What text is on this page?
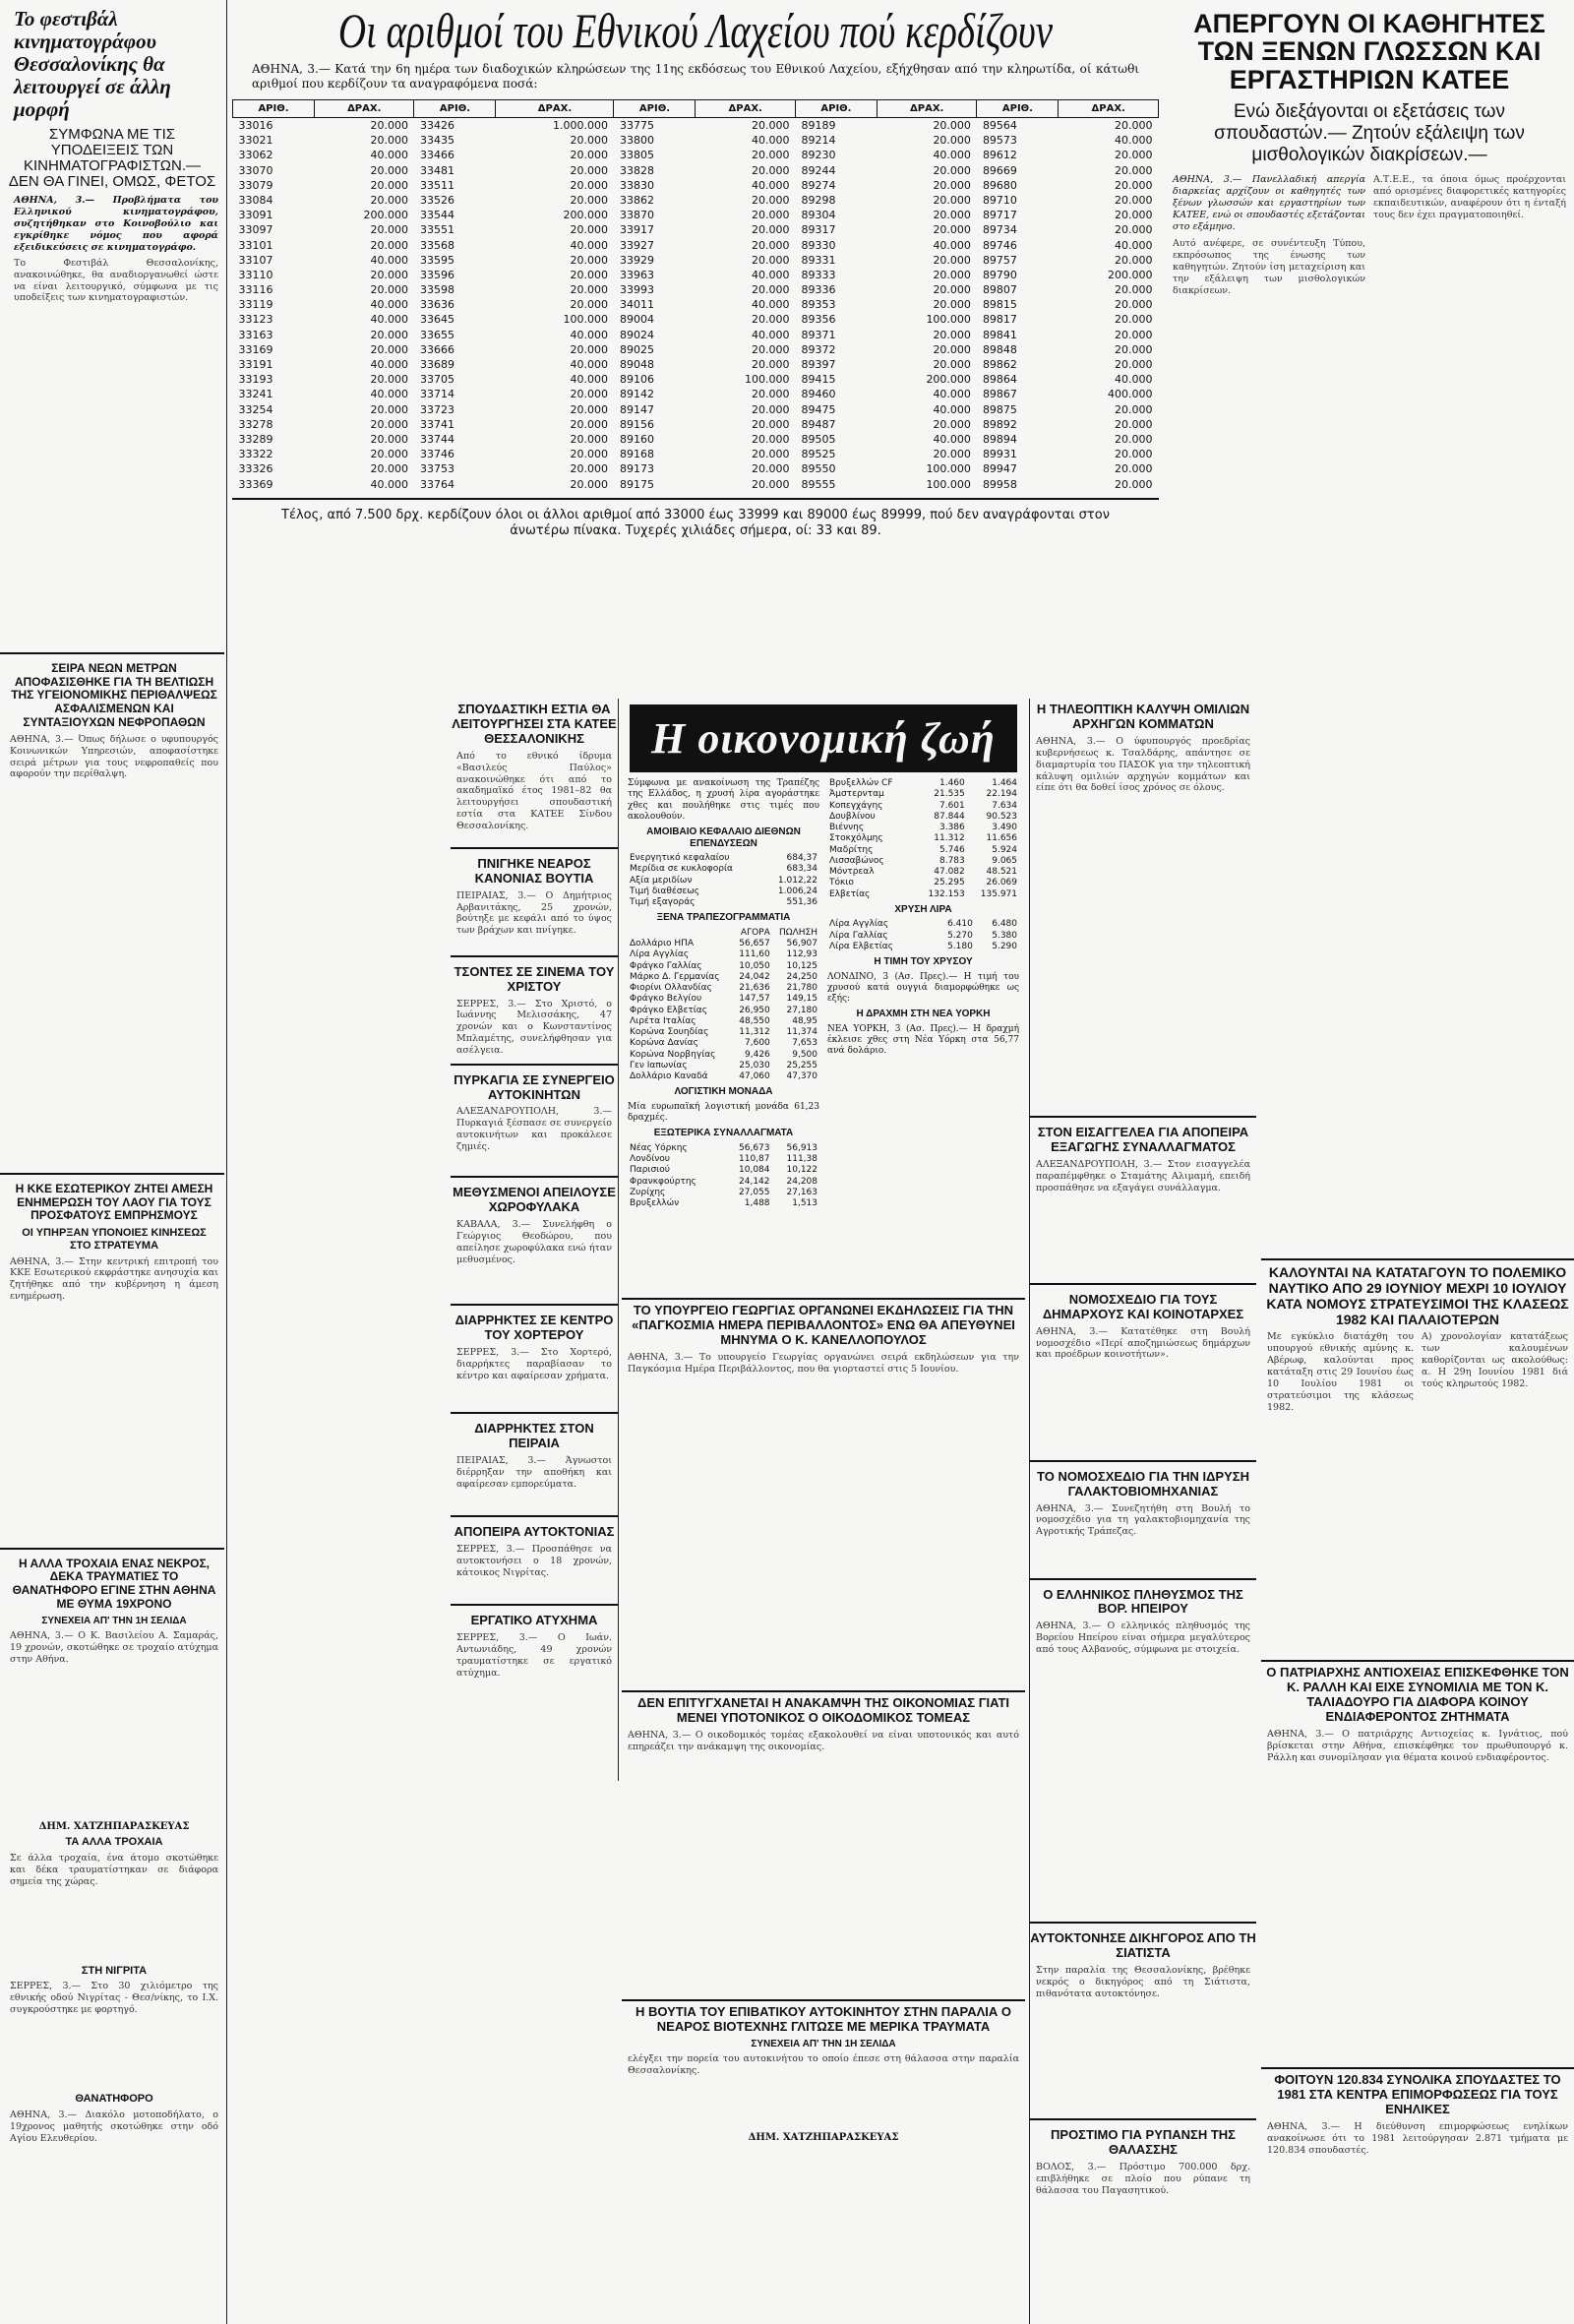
Το φεστιβάλ κινηματογράφου Θεσσαλονίκης θα λειτουργεί σε άλλη μορφή
ΣΥΜΦΩΝΑ ΜΕ ΤΙΣ ΥΠΟΔΕΙΞΕΙΣ ΤΩΝ ΚΙΝΗΜΑΤΟΓΡΑΦΙΣΤΩΝ.— ΔΕΝ ΘΑ ΓΙΝΕΙ, ΟΜΩΣ, ΦΕΤΟΣ

ΑΘΗΝΑ, 3.— Προβλήματα του Ελληνικού κινηματογράφου, συζητήθηκαν στο Κοινοβούλιο και εγκρίθηκε νόμος που αφορά εξειδικεύσεις σε κινηματογράφο.

Το Φεστιβάλ Θεσσαλονίκης, ανακοινώθηκε, θα αναδιοργανωθεί ώστε να είναι λειτουργικό, σύμφωνα με τις υποδείξεις των κινηματογραφιστών.

ΣΕΙΡΑ ΝΕΩΝ ΜΕΤΡΩΝ ΑΠΟΦΑΣΙΣΘΗΚΕ ΓΙΑ ΤΗ ΒΕΛΤΙΩΣΗ ΤΗΣ ΥΓΕΙΟΝΟΜΙΚΗΣ ΠΕΡΙΘΑΛΨΕΩΣ ΑΣΦΑΛΙΣΜΕΝΩΝ ΚΑΙ ΣΥΝΤΑΞΙΟΥΧΩΝ ΝΕΦΡΟΠΑΘΩΝ

ΑΘΗΝΑ, 3.— Όπως δήλωσε ο υφυπουργός Κοινωνικών Υπηρεσιών, αποφασίστηκε σειρά μέτρων για τους νεφροπαθείς που αφορούν την περίθαλψη.

Η ΚΚΕ ΕΣΩΤΕΡΙΚΟΥ ΖΗΤΕΙ ΑΜΕΣΗ ΕΝΗΜΕΡΩΣΗ ΤΟΥ ΛΑΟΥ ΓΙΑ ΤΟΥΣ ΠΡΟΣΦΑΤΟΥΣ ΕΜΠΡΗΣΜΟΥΣ
ΟΙ ΥΠΗΡΞΑΝ ΥΠΟΝΟΙΕΣ ΚΙΝΗΣΕΩΣ ΣΤΟ ΣΤΡΑΤΕΥΜΑ

ΑΘΗΝΑ, 3.— Στην κεντρική επιτροπή του ΚΚΕ Εσωτερικού εκφράστηκε ανησυχία και ζητήθηκε από την κυβέρνηση η άμεση ενημέρωση.

Η ΑΛΛΑ ΤΡΟΧΑΙΑ ΕΝΑΣ ΝΕΚΡΟΣ, ΔΕΚΑ ΤΡΑΥΜΑΤΙΕΣ ΤΟ ΘΑΝΑΤΗΦΟΡΟ ΕΓΙΝΕ ΣΤΗΝ ΑΘΗΝΑ ΜΕ ΘΥΜΑ 19ΧΡΟΝΟ
ΣΥΝΕΧΕΙΑ ΑΠ' ΤΗΝ 1Η ΣΕΛΙΔΑ

ΑΘΗΝΑ, 3.— Ο Κ. Βασιλείου Α. Σαμαράς, 19 χρονών, σκοτώθηκε σε τροχαίο ατύχημα στην Αθήνα.

ΔΗΜ. ΧΑΤΖΗΠΑΡΑΣΚΕΥΑΣ
ΤΑ ΑΛΛΑ ΤΡΟΧΑΙΑ

Σε άλλα τροχαία, ένα άτομο σκοτώθηκε και δέκα τραυματίστηκαν σε διάφορα σημεία της χώρας.

ΣΤΗ ΝΙΓΡΙΤΑ

ΣΕΡΡΕΣ, 3.— Στο 30 χιλιόμετρο της εθνικής οδού Νιγρίτας - Θεσ/νίκης, το Ι.Χ. συγκρούστηκε με φορτηγό.

ΘΑΝΑΤΗΦΟΡΟ

ΑΘΗΝΑ, 3.— Διακόλο μοτοποδήλατο, ο 19χρονος μαθητής σκοτώθηκε στην οδό Αγίου Ελευθερίου.

Οι αριθμοί του Εθνικού Λαχείου πού κερδίζουν

ΑΘΗΝΑ, 3.— Κατά την 6η ημέρα των διαδοχικών κληρώσεων της 11ης εκδόσεως του Εθνικού Λαχείου, εξήχθησαν από την κληρωτίδα, οί κάτωθι αριθμοί που κερδίζουν τα αναγραφόμενα ποσά:

ΑΡΙΘ.	ΔΡΑΧ.	ΑΡΙΘ.	ΔΡΑΧ.	ΑΡΙΘ.	ΔΡΑΧ.	ΑΡΙΘ.	ΔΡΑΧ.	ΑΡΙΘ.	ΔΡΑΧ.
33016	20.000	33426	1.000.000	33775	20.000	89189	20.000	89564	20.000
33021	20.000	33435	20.000	33800	40.000	89214	20.000	89573	40.000
33062	40.000	33466	20.000	33805	20.000	89230	40.000	89612	20.000
33070	20.000	33481	20.000	33828	20.000	89244	20.000	89669	20.000
33079	20.000	33511	20.000	33830	40.000	89274	20.000	89680	20.000
33084	20.000	33526	20.000	33862	20.000	89298	20.000	89710	20.000
33091	200.000	33544	200.000	33870	20.000	89304	20.000	89717	20.000
33097	20.000	33551	20.000	33917	20.000	89317	20.000	89734	20.000
33101	20.000	33568	40.000	33927	20.000	89330	40.000	89746	40.000
33107	40.000	33595	20.000	33929	20.000	89331	20.000	89757	20.000
33110	20.000	33596	20.000	33963	40.000	89333	20.000	89790	200.000
33116	20.000	33598	20.000	33993	20.000	89336	20.000	89807	20.000
33119	40.000	33636	20.000	34011	40.000	89353	20.000	89815	20.000
33123	40.000	33645	100.000	89004	20.000	89356	100.000	89817	20.000
33163	20.000	33655	40.000	89024	40.000	89371	20.000	89841	20.000
33169	20.000	33666	20.000	89025	20.000	89372	20.000	89848	20.000
33191	40.000	33689	40.000	89048	20.000	89397	20.000	89862	20.000
33193	20.000	33705	40.000	89106	100.000	89415	200.000	89864	40.000
33241	40.000	33714	20.000	89142	20.000	89460	40.000	89867	400.000
33254	20.000	33723	20.000	89147	20.000	89475	40.000	89875	20.000
33278	20.000	33741	20.000	89156	20.000	89487	20.000	89892	20.000
33289	20.000	33744	20.000	89160	20.000	89505	40.000	89894	20.000
33322	20.000	33746	20.000	89168	20.000	89525	20.000	89931	20.000
33326	20.000	33753	20.000	89173	20.000	89550	100.000	89947	20.000
33369	40.000	33764	20.000	89175	20.000	89555	100.000	89958	20.000

Τέλος, από 7.500 δρχ. κερδίζουν όλοι οι άλλοι αριθμοί από 33000 έως 33999 και 89000 έως 89999, πού δεν αναγράφονται στον άνωτέρω πίνακα. Τυχερές χιλιάδες σήμερα, οί: 33 και 89.

ΑΠΕΡΓΟΥΝ ΟΙ ΚΑΘΗΓΗΤΕΣ ΤΩΝ ΞΕΝΩΝ ΓΛΩΣΣΩΝ ΚΑΙ ΕΡΓΑΣΤΗΡΙΩΝ ΚΑΤΕΕ
Ενώ διεξάγονται οι εξετάσεις των σπουδαστών.— Ζητούν εξάλειψη των μισθολογικών διακρίσεων.—

ΑΘΗΝΑ, 3.— Πανελλαδική απεργία διαρκείας αρχίζουν οι καθηγητές των ξένων γλωσσών και εργαστηρίων των ΚΑΤΕΕ, ενώ οι σπουδαστές εξετάζονται στο εξάμηνο.

Αυτό ανέφερε, σε συνέντευξη Τύπου, εκπρόσωπος της ένωσης των καθηγητών. Ζητούν ίση μεταχείριση και την εξάλειψη των μισθολογικών διακρίσεων.

Α.Τ.Ε.Ε., τα όποια όμως προέρχονται από ορισμένες διαφορετικές κατηγορίες εκπαιδευτικών, αναφέρουν ότι η ένταξή τους δεν έχει πραγματοποιηθεί.

ΣΠΟΥΔΑΣΤΙΚΗ ΕΣΤΙΑ ΘΑ ΛΕΙΤΟΥΡΓΗΣΕΙ ΣΤΑ ΚΑΤΕΕ ΘΕΣΣΑΛΟΝΙΚΗΣ

Από το εθνικό ίδρυμα «Βασιλεύς Παύλος» ανακοινώθηκε ότι από το ακαδημαϊκό έτος 1981–82 θα λειτουργήσει σπουδαστική εστία στα ΚΑΤΕΕ Σίνδου Θεσσαλονίκης.

ΠΝΙΓΗΚΕ ΝΕΑΡΟΣ ΚΑΝΟΝΙΑΣ ΒΟΥΤΙΑ

ΠΕΙΡΑΙΑΣ, 3.— Ο Δημήτριος Αρβανιτάκης, 25 χρονών, βούτηξε με κεφάλι από το ύψος των βράχων και πνίγηκε.

ΤΣΟΝΤΕΣ ΣΕ ΣΙΝΕΜΑ ΤΟΥ ΧΡΙΣΤΟΥ

ΣΕΡΡΕΣ, 3.— Στο Χριστό, ο Ιωάννης Μελισσάκης, 47 χρονών και ο Κωνσταντίνος Μπλαμέτης, συνελήφθησαν για ασέλγεια.

ΠΥΡΚΑΓΙΑ ΣΕ ΣΥΝΕΡΓΕΙΟ ΑΥΤΟΚΙΝΗΤΩΝ

ΑΛΕΞΑΝΔΡΟΥΠΟΛΗ, 3.— Πυρκαγιά ξέσπασε σε συνεργείο αυτοκινήτων και προκάλεσε ζημιές.

ΜΕΘΥΣΜΕΝΟΙ ΑΠΕΙΛΟΥΣΕ ΧΩΡΟΦΥΛΑΚΑ

ΚΑΒΑΛΑ, 3.— Συνελήφθη ο Γεώργιος Θεοδώρου, που απείλησε χωροφύλακα ενώ ήταν μεθυσμένος.

ΔΙΑΡΡΗΚΤΕΣ ΣΕ ΚΕΝΤΡΟ ΤΟΥ ΧΟΡΤΕΡΟΥ

ΣΕΡΡΕΣ, 3.— Στο Χορτερό, διαρρήκτες παραβίασαν το κέντρο και αφαίρεσαν χρήματα.

ΔΙΑΡΡΗΚΤΕΣ ΣΤΟΝ ΠΕΙΡΑΙΑ

ΠΕΙΡΑΙΑΣ, 3.— Άγνωστοι διέρρηξαν την αποθήκη και αφαίρεσαν εμπορεύματα.

ΑΠΟΠΕΙΡΑ ΑΥΤΟΚΤΟΝΙΑΣ

ΣΕΡΡΕΣ, 3.— Προσπάθησε να αυτοκτονήσει ο 18 χρονών, κάτοικος Νιγρίτας.

ΕΡΓΑΤΙΚΟ ΑΤΥΧΗΜΑ

ΣΕΡΡΕΣ, 3.— Ο Ιωάν. Αντωνιάδης, 49 χρονών τραυματίστηκε σε εργατικό ατύχημα.

Η οικονομική ζωή

Σύμφωνα με ανακοίνωση της Τραπέζης της Ελλάδος, η χρυσή λίρα αγοράστηκε χθες και πουλήθηκε στις τιμές που ακολουθούν.

ΑΜΟΙΒΑΙΟ ΚΕΦΑΛΑΙΟ ΔΙΕΘΝΩΝ ΕΠΕΝΔΥΣΕΩΝ
Ενεργητικό κεφαλαίου	684,37
Μερίδια σε κυκλοφορία	683,34
Αξία μεριδίων	1.012,22
Τιμή διαθέσεως	1.006,24
Τιμή εξαγοράς	551,36
ΞΕΝΑ ΤΡΑΠΕΖΟΓΡΑΜΜΑΤΙΑ
	ΑΓΟΡΑ	ΠΩΛΗΣΗ
Δολλάριο ΗΠΑ	56,657	56,907
Λίρα Αγγλίας	111,60	112,93
Φράγκο Γαλλίας	10,050	10,125
Μάρκο Δ. Γερμανίας	24,042	24,250
Φιορίνι Ολλανδίας	21,636	21,780
Φράγκο Βελγίου	147,57	149,15
Φράγκο Ελβετίας	26,950	27,180
Λιρέτα Ιταλίας	48,550	48,95
Κορώνα Σουηδίας	11,312	11,374
Κορώνα Δανίας	7,600	7,653
Κορώνα Νορβηγίας	9,426	9,500
Γεν Ιαπωνίας	25,030	25,255
Δολλάριο Καναδά	47,060	47,370
ΛΟΓΙΣΤΙΚΗ ΜΟΝΑΔΑ

Μία ευρωπαϊκή λογιστική μονάδα 61,23 δραχμές.

ΕΞΩΤΕΡΙΚΑ ΣΥΝΑΛΛΑΓΜΑΤΑ
Νέας Υόρκης	56,673	56,913
Λονδίνου	110,87	111,38
Παρισιού	10,084	10,122
Φρανκφούρτης	24,142	24,208
Ζυρίχης	27,055	27,163
Βρυξελλών	1,488	1,513
Βρυξελλών CF	1.460	1.464
Άμστερνταμ	21.535	22.194
Κοπεγχάγης	7.601	7.634
Δουβλίνου	87.844	90.523
Βιέννης	3.386	3.490
Στοκχόλμης	11.312	11.656
Μαδρίτης	5.746	5.924
Λισσαβώνος	8.783	9.065
Μόντρεαλ	47.082	48.521
Τόκιο	25.295	26.069
Ελβετίας	132.153	135.971
ΧΡΥΣΗ ΛΙΡΑ
Λίρα Αγγλίας	6.410	6.480
Λίρα Γαλλίας	5.270	5.380
Λίρα Ελβετίας	5.180	5.290
Η ΤΙΜΗ ΤΟΥ ΧΡΥΣΟΥ

ΛΟΝΔΙΝΟ, 3 (Ασ. Πρες).— Η τιμή του χρυσού κατά ουγγιά διαμορφώθηκε ως εξής:

Η ΔΡΑΧΜΗ ΣΤΗ ΝΕΑ ΥΟΡΚΗ

ΝΕΑ ΥΟΡΚΗ, 3 (Ασ. Πρες).— Η δραχμή έκλεισε χθες στη Νέα Υόρκη στα 56,77 ανά δολάριο.

Η ΤΗΛΕΟΠΤΙΚΗ ΚΑΛΥΨΗ ΟΜΙΛΙΩΝ ΑΡΧΗΓΩΝ ΚΟΜΜΑΤΩΝ

ΑΘΗΝΑ, 3.— Ο ύφυπουργός προεδρίας κυβερνήσεως κ. Τσαλδάρης, απάντησε σε διαμαρτυρία του ΠΑΣΟΚ για την τηλεοπτική κάλυψη ομιλιών αρχηγών κομμάτων και είπε ότι θα δοθεί ίσος χρόνος σε όλους.

ΣΤΟΝ ΕΙΣΑΓΓΕΛΕΑ ΓΙΑ ΑΠΟΠΕΙΡΑ ΕΞΑΓΩΓΗΣ ΣΥΝΑΛΛΑΓΜΑΤΟΣ

ΑΛΕΞΑΝΔΡΟΥΠΟΛΗ, 3.— Στον εισαγγελέα παραπέμφθηκε ο Σταμάτης Αλιμαμή, επειδή προσπάθησε να εξαγάγει συνάλλαγμα.

ΝΟΜΟΣΧΕΔΙΟ ΓΙΑ ΤΟΥΣ ΔΗΜΑΡΧΟΥΣ ΚΑΙ ΚΟΙΝΟΤΑΡΧΕΣ

ΑΘΗΝΑ, 3.— Κατατέθηκε στη Βουλή νομοσχέδιο «Περί αποζημιώσεως δημάρχων και προέδρων κοινοτήτων».

ΤΟ ΝΟΜΟΣΧΕΔΙΟ ΓΙΑ ΤΗΝ ΙΔΡΥΣΗ ΓΑΛΑΚΤΟΒΙΟΜΗΧΑΝΙΑΣ

ΑΘΗΝΑ, 3.— Συνεζητήθη στη Βουλή το νομοσχέδιο για τη γαλακτοβιομηχανία της Αγροτικής Τράπεζας.

Ο ΕΛΛΗΝΙΚΟΣ ΠΛΗΘΥΣΜΟΣ ΤΗΣ ΒΟΡ. ΗΠΕΙΡΟΥ

ΑΘΗΝΑ, 3.— Ο ελληνικός πληθυσμός της Βορείου Ηπείρου είναι σήμερα μεγαλύτερος από τους Αλβανούς, σύμφωνα με στοιχεία.

ΑΥΤΟΚΤΟΝΗΣΕ ΔΙΚΗΓΟΡΟΣ ΑΠΟ ΤΗ ΣΙΑΤΙΣΤΑ

Στην παραλία της Θεσσαλονίκης, βρέθηκε νεκρός ο δικηγόρος από τη Σιάτιστα, πιθανότατα αυτοκτόνησε.

ΠΡΟΣΤΙΜΟ ΓΙΑ ΡΥΠΑΝΣΗ ΤΗΣ ΘΑΛΑΣΣΗΣ

ΒΟΛΟΣ, 3.— Πρόστιμο 700.000 δρχ. επιβλήθηκε σε πλοίο που ρύπανε τη θάλασσα του Παγασητικού.

ΚΑΛΟΥΝΤΑΙ ΝΑ ΚΑΤΑΤΑΓΟΥΝ ΤΟ ΠΟΛΕΜΙΚΟ ΝΑΥΤΙΚΟ ΑΠΟ 29 ΙΟΥΝΙΟΥ ΜΕΧΡΙ 10 ΙΟΥΛΙΟΥ ΚΑΤΑ ΝΟΜΟΥΣ ΣΤΡΑΤΕΥΣΙΜΟΙ ΤΗΣ ΚΛΑΣΕΩΣ 1982 ΚΑΙ ΠΑΛΑΙΟΤΕΡΩΝ

Με εγκύκλιο διατάχθη του υπουργού εθνικής αμύνης κ. Αβέρωφ, καλούνται προς κατάταξη στις 29 Ιουνίου έως 10 Ιουλίου 1981 οι στρατεύσιμοι της κλάσεως 1982.

Α) χρονολογίαν κατατάξεως των καλουμένων καθορίζονται ως ακολούθως: α. Η 29η Ιουνίου 1981 διά τούς κληρωτούς 1982.

Ο ΠΑΤΡΙΑΡΧΗΣ ΑΝΤΙΟΧΕΙΑΣ ΕΠΙΣΚΕΦΘΗΚΕ ΤΟΝ Κ. ΡΑΛΛΗ ΚΑΙ ΕΙΧΕ ΣΥΝΟΜΙΛΙΑ ΜΕ ΤΟΝ Κ. ΤΑΛΙΑΔΟΥΡΟ ΓΙΑ ΔΙΑΦΟΡΑ ΚΟΙΝΟΥ ΕΝΔΙΑΦΕΡΟΝΤΟΣ ΖΗΤΗΜΑΤΑ

ΑΘΗΝΑ, 3.— Ο πατριάρχης Αντιοχείας κ. Ιγνάτιος, πού βρίσκεται στην Αθήνα, επισκέφθηκε τον πρωθυπουργό κ. Ράλλη και συνομίλησαν για θέματα κοινού ενδιαφέροντος.

ΦΟΙΤΟΥΝ 120.834 ΣΥΝΟΛΙΚΑ ΣΠΟΥΔΑΣΤΕΣ ΤΟ 1981 ΣΤΑ ΚΕΝΤΡΑ ΕΠΙΜΟΡΦΩΣΕΩΣ ΓΙΑ ΤΟΥΣ ΕΝΗΛΙΚΕΣ

ΑΘΗΝΑ, 3.— Η διεύθυνση επιμορφώσεως ενηλίκων ανακοίνωσε ότι το 1981 λειτούργησαν 2.871 τμήματα με 120.834 σπουδαστές.

ΤΟ ΥΠΟΥΡΓΕΙΟ ΓΕΩΡΓΙΑΣ ΟΡΓΑΝΩΝΕΙ ΕΚΔΗΛΩΣΕΙΣ ΓΙΑ ΤΗΝ «ΠΑΓΚΟΣΜΙΑ ΗΜΕΡΑ ΠΕΡΙΒΑΛΛΟΝΤΟΣ» ΕΝΩ ΘΑ ΑΠΕΥΘΥΝΕΙ ΜΗΝΥΜΑ Ο Κ. ΚΑΝΕΛΛΟΠΟΥΛΟΣ

ΑΘΗΝΑ, 3.— Το υπουργείο Γεωργίας οργανώνει σειρά εκδηλώσεων για την Παγκόσμια Ημέρα Περιβάλλοντος, που θα γιορταστεί στις 5 Ιουνίου.

ΔΕΝ ΕΠΙΤΥΓΧΑΝΕΤΑΙ Η ΑΝΑΚΑΜΨΗ ΤΗΣ ΟΙΚΟΝΟΜΙΑΣ ΓΙΑΤΙ ΜΕΝΕΙ ΥΠΟΤΟΝΙΚΟΣ Ο ΟΙΚΟΔΟΜΙΚΟΣ ΤΟΜΕΑΣ

ΑΘΗΝΑ, 3.— Ο οικοδομικός τομέας εξακολουθεί να είναι υποτονικός και αυτό επηρεάζει την ανάκαμψη της οικονομίας.

Η ΒΟΥΤΙΑ ΤΟΥ ΕΠΙΒΑΤΙΚΟΥ ΑΥΤΟΚΙΝΗΤΟΥ ΣΤΗΝ ΠΑΡΑΛΙΑ Ο ΝΕΑΡΟΣ ΒΙΟΤΕΧΝΗΣ ΓΛΙΤΩΣΕ ΜΕ ΜΕΡΙΚΑ ΤΡΑΥΜΑΤΑ
ΣΥΝΕΧΕΙΑ ΑΠ' ΤΗΝ 1Η ΣΕΛΙΔΑ

ελέγξει την πορεία του αυτοκινήτου το οποίο έπεσε στη θάλασσα στην παραλία Θεσσαλονίκης.

ΔΗΜ. ΧΑΤΖΗΠΑΡΑΣΚΕΥΑΣ
